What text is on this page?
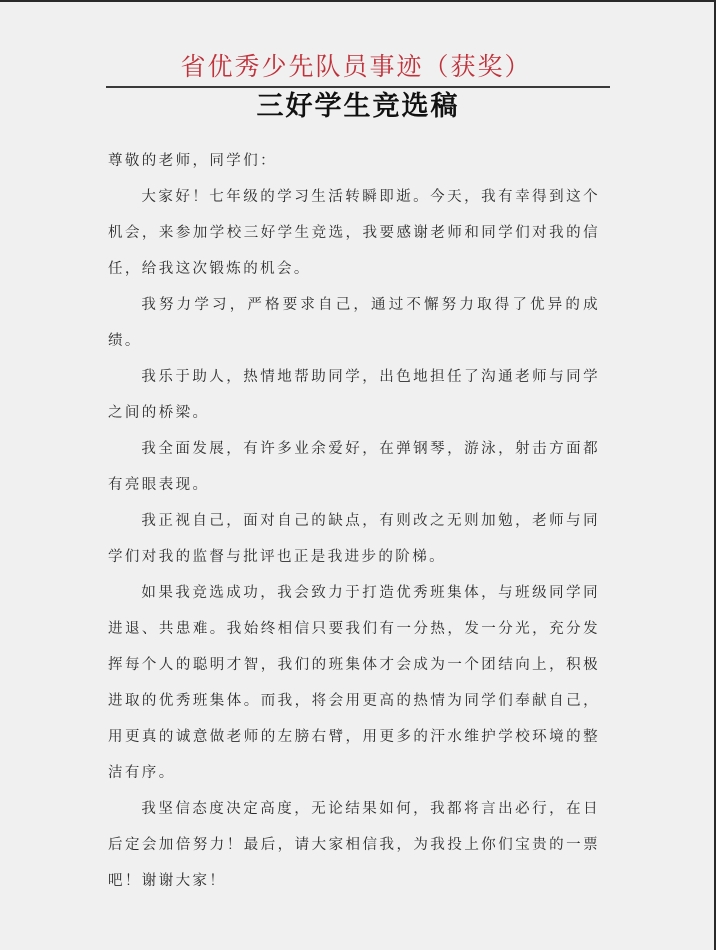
省优秀少先队员事迹（获奖）
三好学生竞选稿

尊敬的老师，同学们：

大家好！七年级的学习生活转瞬即逝。今天，我有幸得到这个机会，来参加学校三好学生竞选，我要感谢老师和同学们对我的信任，给我这次锻炼的机会。

我努力学习，严格要求自己，通过不懈努力取得了优异的成绩。

我乐于助人，热情地帮助同学，出色地担任了沟通老师与同学之间的桥梁。

我全面发展，有许多业余爱好，在弹钢琴，游泳，射击方面都有亮眼表现。

我正视自己，面对自己的缺点，有则改之无则加勉，老师与同学们对我的监督与批评也正是我进步的阶梯。

如果我竞选成功，我会致力于打造优秀班集体，与班级同学同进退、共患难。我始终相信只要我们有一分热，发一分光，充分发挥每个人的聪明才智，我们的班集体才会成为一个团结向上，积极进取的优秀班集体。而我，将会用更高的热情为同学们奉献自己，用更真的诚意做老师的左膀右臂，用更多的汗水维护学校环境的整洁有序。

我坚信态度决定高度，无论结果如何，我都将言出必行，在日后定会加倍努力！最后，请大家相信我，为我投上你们宝贵的一票吧！谢谢大家！
